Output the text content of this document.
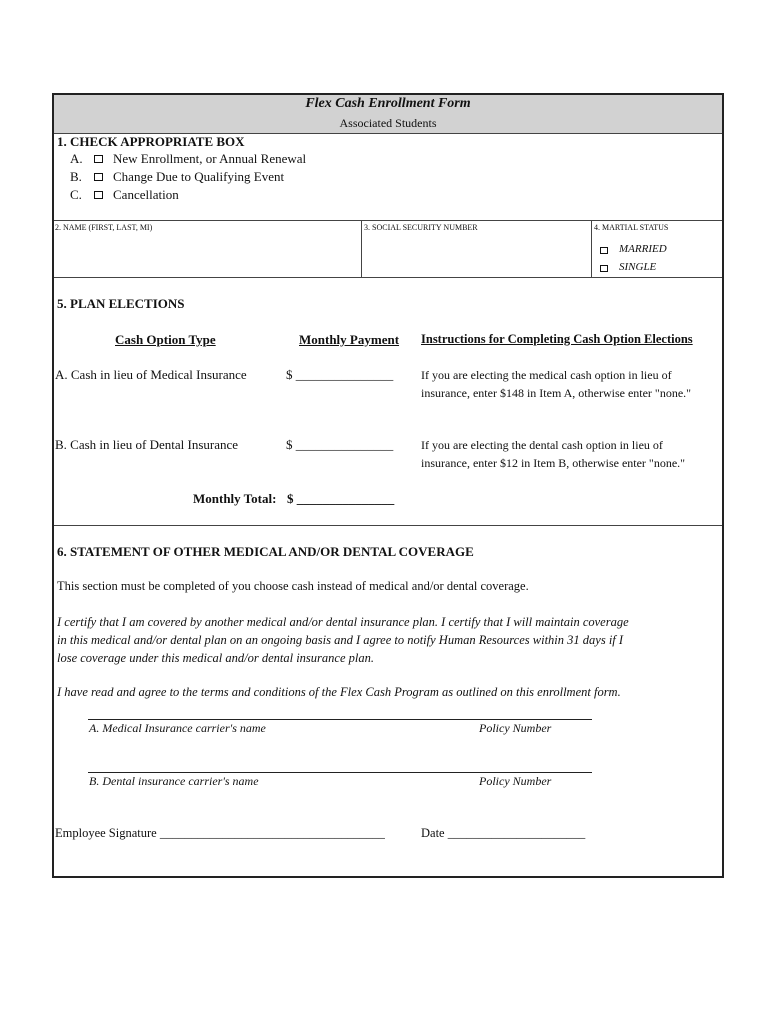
Flex Cash Enrollment Form
Associated Students
1. CHECK APPROPRIATE BOX
A. New Enrollment, or Annual Renewal
B. Change Due to Qualifying Event
C. Cancellation
2. NAME (FIRST, LAST, MI)	3. SOCIAL SECURITY NUMBER	4. MARTIAL STATUS
MARRIED
SINGLE
5. PLAN ELECTIONS
Cash Option Type	Monthly Payment Instructions for Completing Cash Option Elections
A. Cash in lieu of Medical Insurance	$ _______________ If you are electing the medical cash option in lieu of
insurance, enter $148 in Item A, otherwise enter "none."
B. Cash in lieu of Dental Insurance	$ _______________ If you are electing the dental cash option in lieu of
insurance, enter $12 in Item B, otherwise enter "none."
Monthly Total: $ _______________
6. STATEMENT OF OTHER MEDICAL AND/OR DENTAL COVERAGE
This section must be completed of you choose cash instead of medical and/or dental coverage.
I certify that I am covered by another medical and/or dental insurance plan. I certify that I will maintain coverage
in this medical and/or dental plan on an ongoing basis and I agree to notify Human Resources within 31 days if I
lose coverage under this medical and/or dental insurance plan.
I have read and agree to the terms and conditions of the Flex Cash Program as outlined on this enrollment form.
A. Medical Insurance carrier's name	Policy Number
B. Dental insurance carrier's name	Policy Number
Employee Signature ____________________________________	Date ______________________
